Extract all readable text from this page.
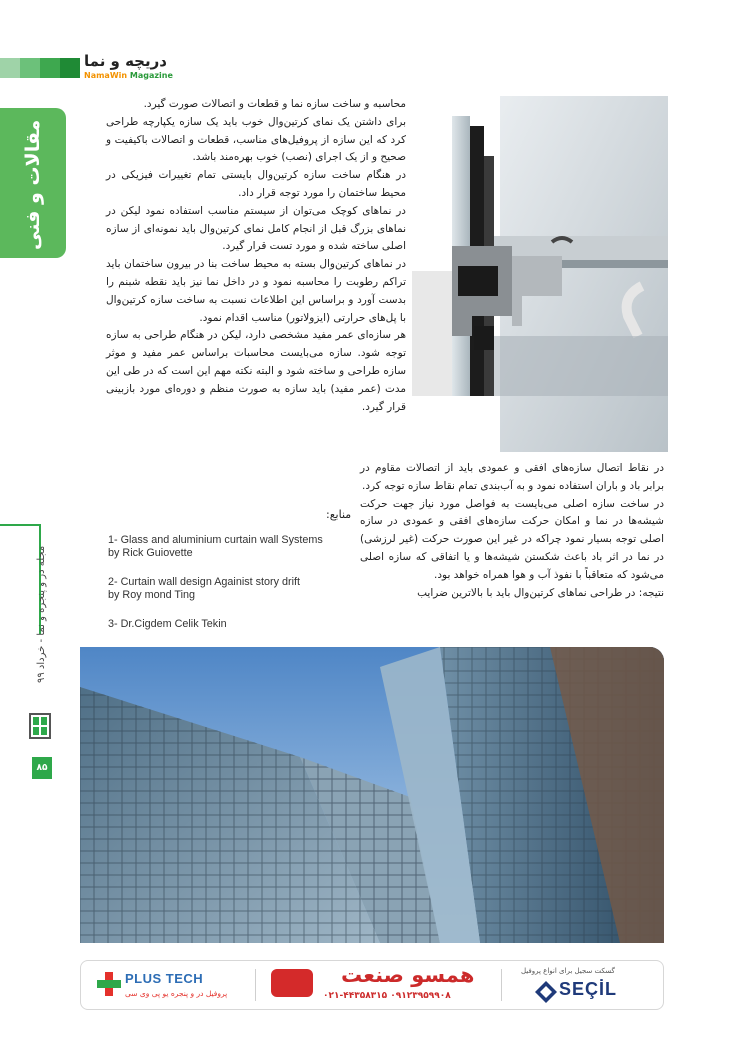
دریچه و نما
NamaWin Magazine
مقالات و فنی
مجله در و پنجره و نما - خرداد ۹۹
۸۵

محاسبه و ساخت سازه نما و قطعات و اتصالات صورت گیرد.

برای داشتن یک نمای کرتین‌وال خوب باید یک سازه یکپارچه طراحی کرد که این سازه از پروفیل‌های مناسب، قطعات و اتصالات باکیفیت و صحیح و از یک اجرای (نصب) خوب بهره‌مند باشد.

در هنگام ساخت سازه کرتین‌وال بایستی تمام تغییرات فیزیکی در محیط ساختمان را مورد توجه قرار داد.

در نماهای کوچک می‌توان از سیستم مناسب استفاده نمود لیکن در نماهای بزرگ قبل از انجام کامل نمای کرتین‌وال باید نمونه‌ای از سازه اصلی ساخته شده و مورد تست قرار گیرد.

در نماهای کرتین‌وال بسته به محیط ساخت بنا در بیرون ساختمان باید تراکم رطوبت را محاسبه نمود و در داخل نما نیز باید نقطه شبنم را بدست آورد و براساس این اطلاعات نسبت به ساخت سازه کرتین‌وال با پل‌های حرارتی (ایزولاتور) مناسب اقدام نمود.

هر سازه‌ای عمر مفید مشخصی دارد، لیکن در هنگام طراحی به سازه توجه شود. سازه می‌بایست محاسبات براساس عمر مفید و موثر سازه طراحی و ساخته شود و البته نکته مهم این است که در طی این مدت (عمر مفید) باید سازه به صورت منظم و دوره‌ای مورد بازبینی قرار گیرد.

در نقاط اتصال سازه‌های افقی و عمودی باید از اتصالات مقاوم در برابر باد و باران استفاده نمود و به آب‌بندی تمام نقاط سازه توجه کرد.

در ساخت سازه اصلی می‌بایست به فواصل مورد نیاز جهت حرکت شیشه‌ها در نما و امکان حرکت سازه‌های افقی و عمودی در سازه اصلی توجه بسیار نمود چراکه در غیر این صورت حرکت (غیر لرزشی) در نما در اثر باد باعث شکستن شیشه‌ها و یا اتفاقی که سازه اصلی می‌شود که متعاقباً با نفوذ آب و هوا همراه خواهد بود.

نتیجه: در طراحی نماهای کرتین‌وال باید با بالاترین ضرایب

منابع:
1- Glass and aluminium curtain wall Systems
by Rick Guiovette
2- Curtain wall design Againist story drift
by Roy mond Ting
3- Dr.Cigdem Celik Tekin
PLUS TECH
پروفیل در و پنجره یو پی وی سی
همسو صنعت
۰۲۱-۴۴۳۵۸۳۱۵ ۰۹۱۲۳۹۵۹۹۰۸
گسکت سجیل برای انواع پروفیل
SEÇİL
